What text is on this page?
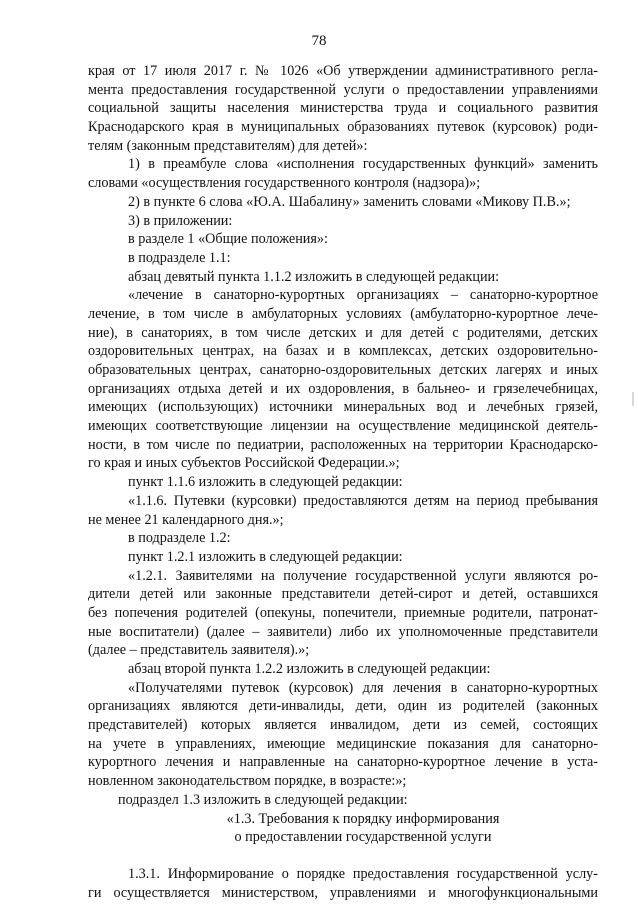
78
края от 17 июля 2017 г. № 1026 «Об утверждении административного регла-
мента предоставления государственной услуги о предоставлении управлениями
социальной защиты населения министерства труда и социального развития
Краснодарского края в муниципальных образованиях путевок (курсовок) роди-
телям (законным представителям) для детей»:
1) в преамбуле слова «исполнения государственных функций» заменить
словами «осуществления государственного контроля (надзора)»;
2) в пункте 6 слова «Ю.А. Шабалину» заменить словами «Микову П.В.»;
3) в приложении:
в разделе 1 «Общие положения»:
в подразделе 1.1:
абзац девятый пункта 1.1.2 изложить в следующей редакции:
«лечение в санаторно-курортных организациях – санаторно-курортное
лечение, в том числе в амбулаторных условиях (амбулаторно-курортное лече-
ние), в санаториях, в том числе детских и для детей с родителями, детских
оздоровительных центрах, на базах и в комплексах, детских оздоровительно-
образовательных центрах, санаторно-оздоровительных детских лагерях и иных
организациях отдыха детей и их оздоровления, в бальнео- и грязелечебницах,
имеющих (использующих) источники минеральных вод и лечебных грязей,
имеющих соответствующие лицензии на осуществление медицинской деятель-
ности, в том числе по педиатрии, расположенных на территории Краснодарско-
го края и иных субъектов Российской Федерации.»;
пункт 1.1.6 изложить в следующей редакции:
«1.1.6. Путевки (курсовки) предоставляются детям на период пребывания
не менее 21 календарного дня.»;
в подразделе 1.2:
пункт 1.2.1 изложить в следующей редакции:
«1.2.1. Заявителями на получение государственной услуги являются ро-
дители детей или законные представители детей-сирот и детей, оставшихся
без попечения родителей (опекуны, попечители, приемные родители, патронат-
ные воспитатели) (далее – заявители) либо их уполномоченные представители
(далее – представитель заявителя).»;
абзац второй пункта 1.2.2 изложить в следующей редакции:
«Получателями путевок (курсовок) для лечения в санаторно-курортных
организациях являются дети-инвалиды, дети, один из родителей (законных
представителей) которых является инвалидом, дети из семей, состоящих
на учете в управлениях, имеющие медицинские показания для санаторно-
курортного лечения и направленные на санаторно-курортное лечение в уста-
новленном законодательством порядке, в возрасте:»;
подраздел 1.3 изложить в следующей редакции:
«1.3. Требования к порядку информирования
о предоставлении государственной услуги
1.3.1. Информирование о порядке предоставления государственной услу-
ги осуществляется министерством, управлениями и многофункциональными
